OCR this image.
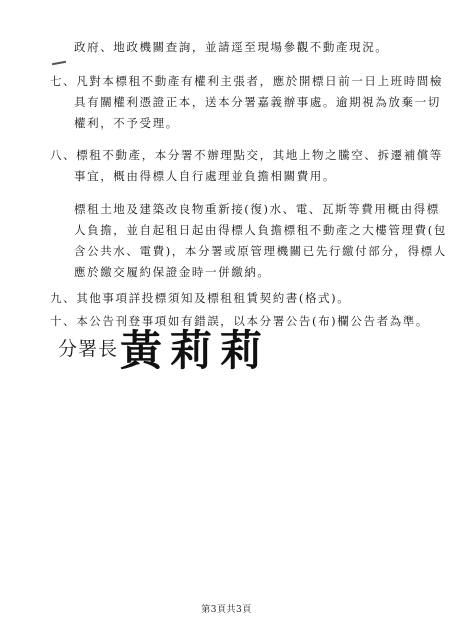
政府、地政機關查詢，並請逕至現場參觀不動產現況。
七、凡對本標租不動產有權利主張者，應於開標日前一日上班時間檢
具有關權利憑證正本，送本分署嘉義辦事處。逾期視為放棄一切
權利，不予受理。
八、標租不動產，本分署不辦理點交，其地上物之騰空、拆遷補償等
事宜，概由得標人自行處理並負擔相關費用。
標租土地及建築改良物重新接(復)水、電、瓦斯等費用概由得標
人負擔，並自起租日起由得標人負擔標租不動產之大樓管理費(包
含公共水、電費)，本分署或原管理機關已先行繳付部分，得標人
應於繳交履約保證金時一併繳納。
九、其他事項詳投標須知及標租租賃契約書(格式)。
十、本公告刊登事項如有錯誤，以本分署公告(布)欄公告者為準。
分署長 黃莉莉
第3頁共3頁
